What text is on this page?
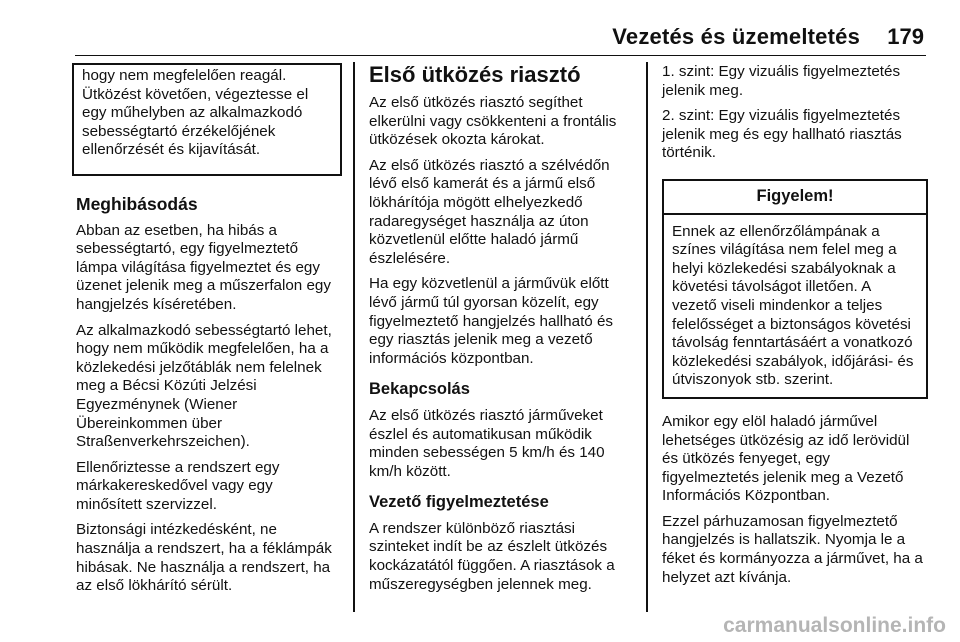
Vezetés és üzemeltetés 179

hogy nem megfelelően reagál. Ütközést követően, végeztesse el egy műhelyben az alkalmazkodó sebességtartó érzékelőjének ellenőrzését és kijavítását.

Meghibásodás

Abban az esetben, ha hibás a sebességtartó, egy figyelmeztető lámpa világítása figyelmeztet és egy üzenet jelenik meg a műszerfalon egy hangjelzés kíséretében.

Az alkalmazkodó sebességtartó lehet, hogy nem működik megfelelően, ha a közlekedési jelzőtáblák nem felelnek meg a Bécsi Közúti Jelzési Egyezménynek (Wiener Übereinkommen über Straßenverkehrszeichen).

Ellenőriztesse a rendszert egy márkakereskedővel vagy egy minősített szervizzel.

Biztonsági intézkedésként, ne használja a rendszert, ha a féklámpák hibásak. Ne használja a rendszert, ha az első lökhárító sérült.

Első ütközés riasztó

Az első ütközés riasztó segíthet elkerülni vagy csökkenteni a frontális ütközések okozta károkat.

Az első ütközés riasztó a szélvédőn lévő első kamerát és a jármű első lökhárítója mögött elhelyezkedő radaregységet használja az úton közvetlenül előtte haladó jármű észlelésére.

Ha egy közvetlenül a járművük előtt lévő jármű túl gyorsan közelít, egy figyelmeztető hangjelzés hallható és egy riasztás jelenik meg a vezető információs központban.

Bekapcsolás

Az első ütközés riasztó járműveket észlel és automatikusan működik minden sebességen 5 km/h és 140 km/h között.

Vezető figyelmeztetése

A rendszer különböző riasztási szinteket indít be az észlelt ütközés kockázatától függően. A riasztások a műszeregységben jelennek meg.

1. szint: Egy vizuális figyelmeztetés jelenik meg.

2. szint: Egy vizuális figyelmeztetés jelenik meg és egy hallható riasztás történik.

Figyelem!
Ennek az ellenőrzőlámpának a színes világítása nem felel meg a helyi közlekedési szabályoknak a követési távolságot illetően. A vezető viseli mindenkor a teljes felelősséget a biztonságos követési távolság fenntartásáért a vonatkozó közlekedési szabályok, időjárási- és útviszonyok stb. szerint.

Amikor egy elöl haladó járművel lehetséges ütközésig az idő lerövidül és ütközés fenyeget, egy figyelmeztetés jelenik meg a Vezető Információs Központban.

Ezzel párhuzamosan figyelmeztető hangjelzés is hallatszik. Nyomja le a féket és kormányozza a járművet, ha a helyzet azt kívánja.

carmanualsonline.info
